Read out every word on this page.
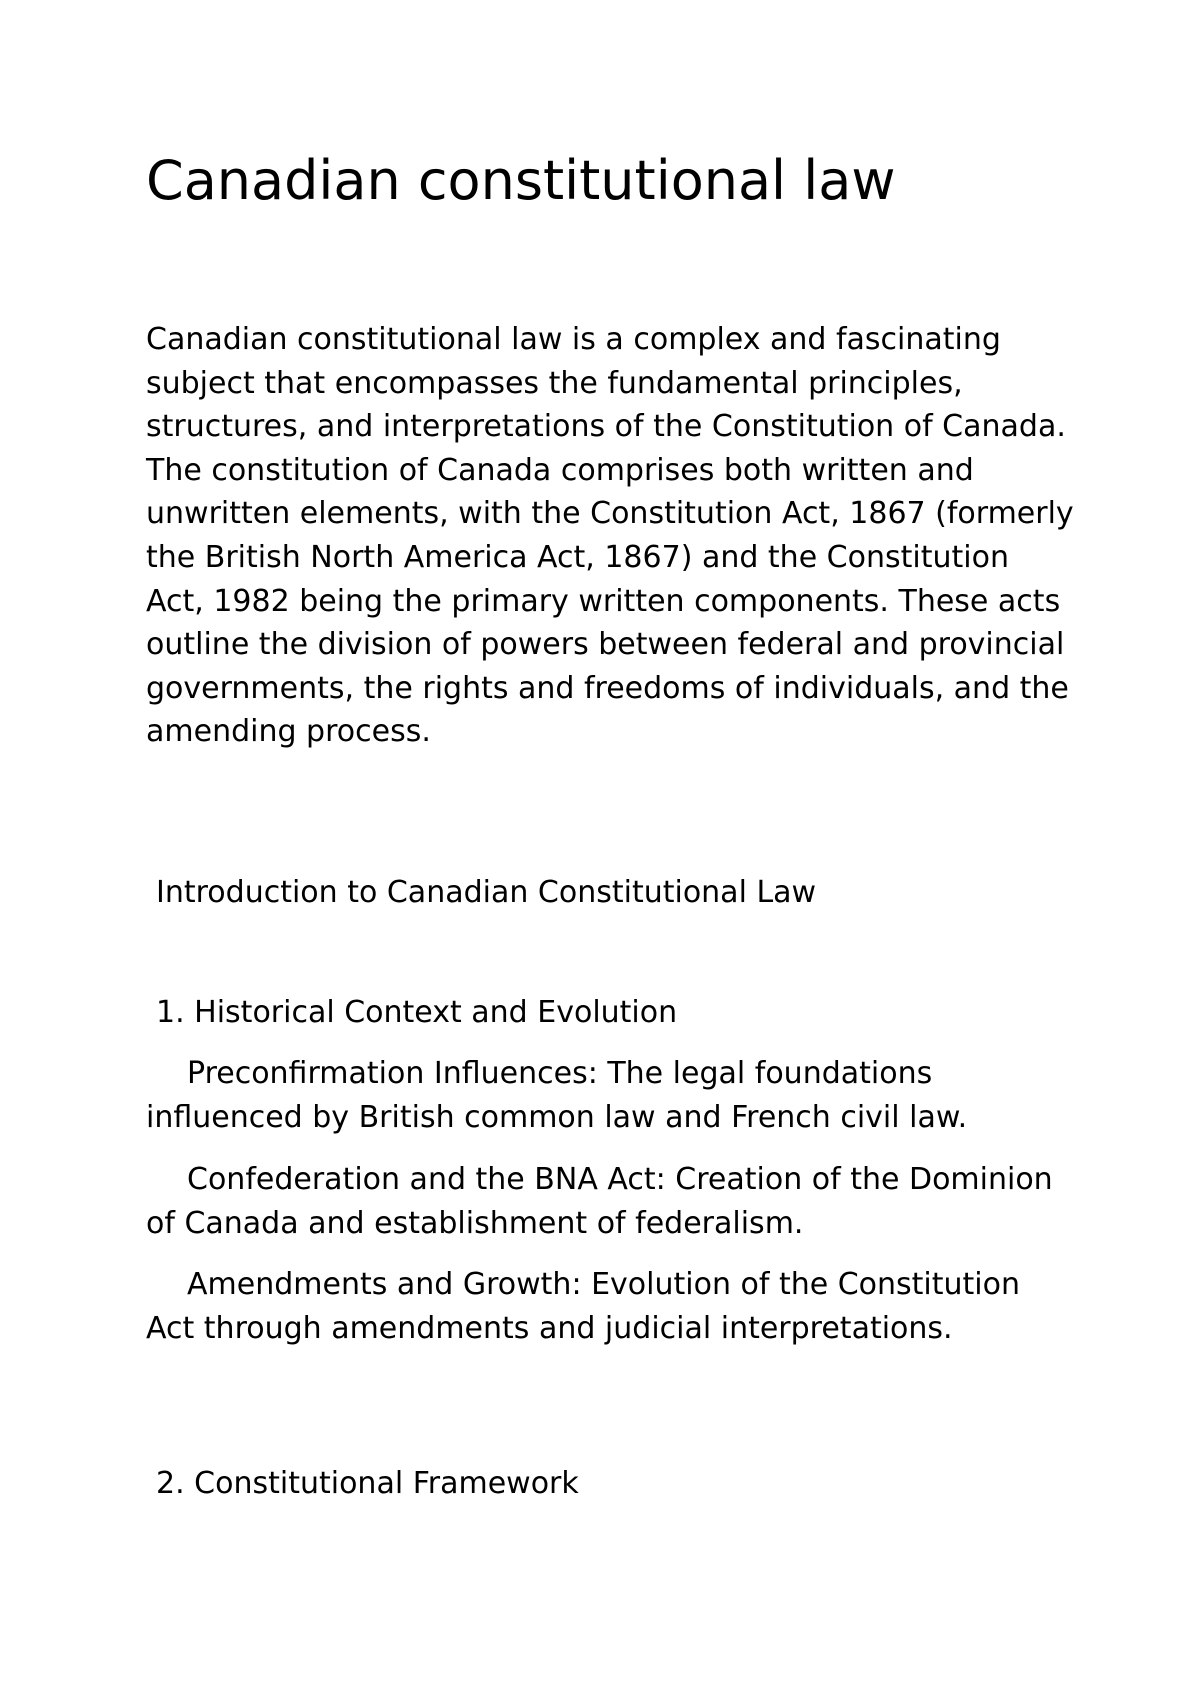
Canadian constitutional law

Canadian constitutional law is a complex and fascinating subject that encompasses the fundamental principles, structures, and interpretations of the Constitution of Canada. The constitution of Canada comprises both written and unwritten elements, with the Constitution Act, 1867 (formerly the British North America Act, 1867) and the Constitution Act, 1982 being the primary written components. These acts outline the division of powers between federal and provincial governments, the rights and freedoms of individuals, and the amending process.

Introduction to Canadian Constitutional Law
1. Historical Context and Evolution

Preconfirmation Influences: The legal foundations influenced by British common law and French civil law.

Confederation and the BNA Act: Creation of the Dominion of Canada and establishment of federalism.

Amendments and Growth: Evolution of the Constitution Act through amendments and judicial interpretations.

2. Constitutional Framework
